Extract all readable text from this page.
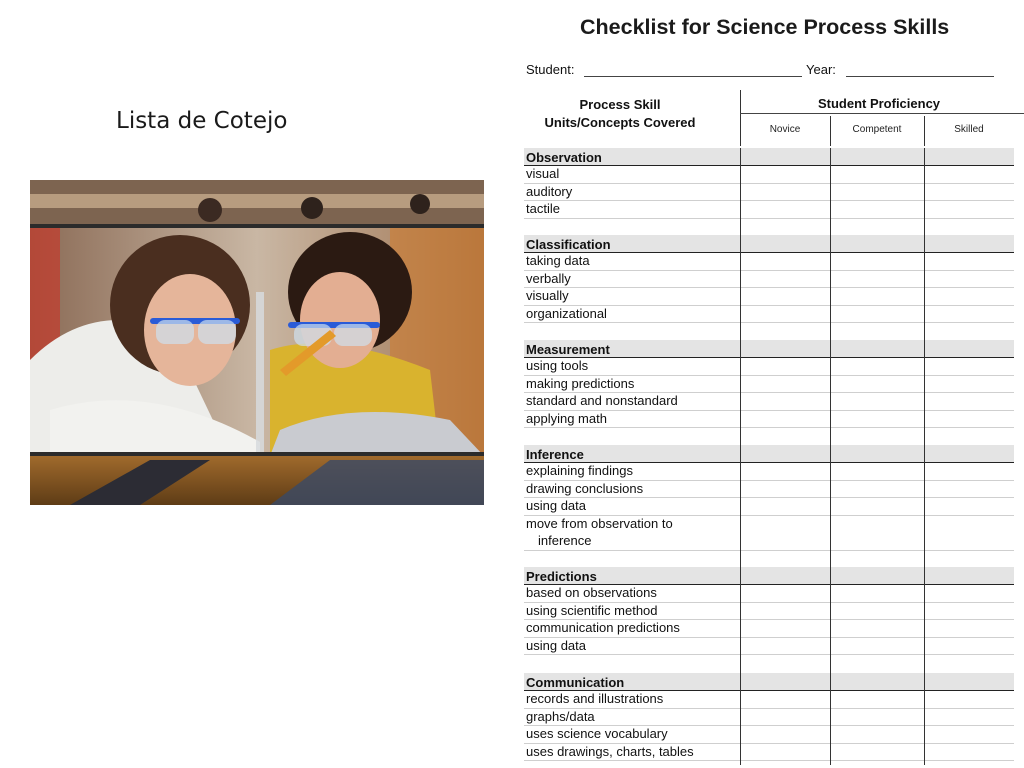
Lista de Cotejo
Checklist for Science Process Skills
Student:	Year:
Process Skill
Units/Concepts Covered
Student Proficiency
Novice	Competent	Skilled
Observation
visual
auditory
tactile
Classification
taking data
verbally
visually
organizational
Measurement
using tools
making predictions
standard and nonstandard
applying math
Inference
explaining findings
drawing conclusions
using data
move from observation to
inference
Predictions
based on observations
using scientific method
communication predictions
using data
Communication
records and illustrations
graphs/data
uses science vocabulary
uses drawings, charts, tables
